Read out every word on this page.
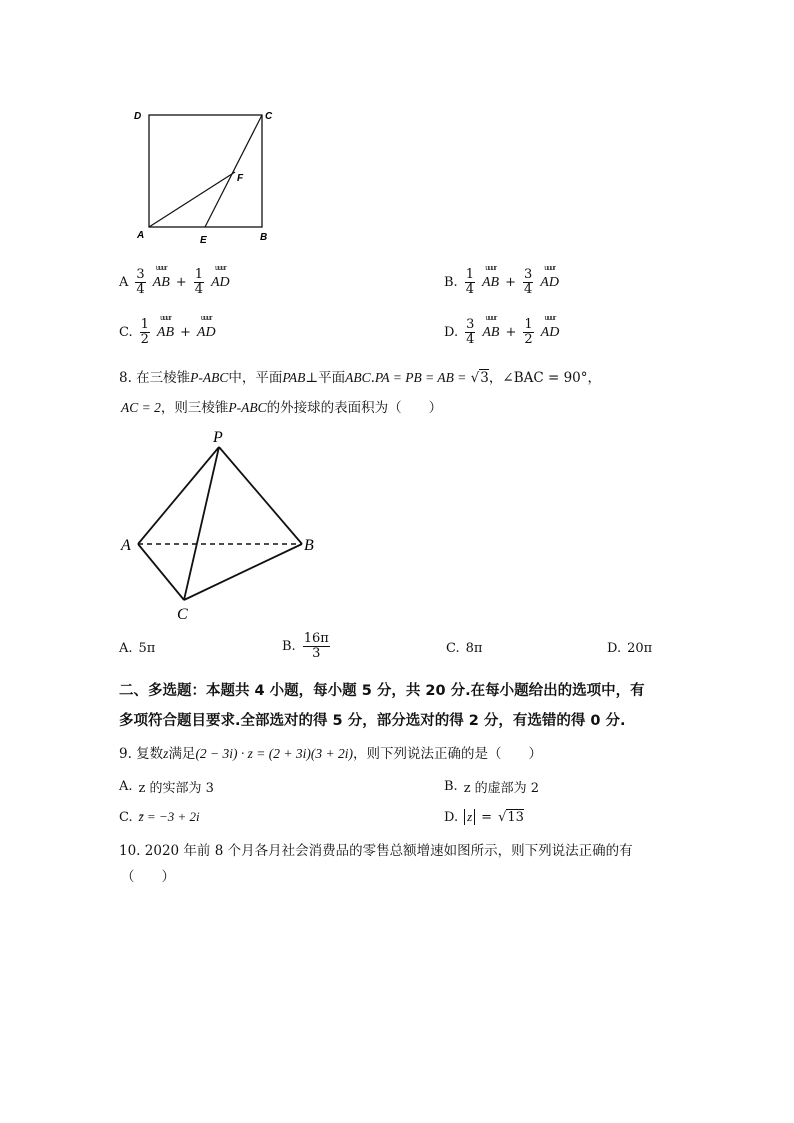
D	C
F
A	E	B
A $\frac{3}{4}$
uuur
AB + $\frac{1}{4}$
uuur
AD	B. $\frac{1}{4}$
uuur
AB + $\frac{3}{4}$
uuur
AD
C. $\frac{1}{2}$
uuur
AB +
uuur
AD	D. $\frac{3}{4}$
uuur
AB + $\frac{1}{2}$
uuur
AD
8. 在三棱锥P-ABC中，平面PAB⊥平面ABC.PA = PB = AB = √3，∠BAC = 90°，
AC = 2，则三棱锥P-ABC的外接球的表面积为（　　）
P
A	B
C
A. 5π	B. $\frac{16\pi}{3}$	C. 8π	D. 20π
二、多选题：本题共 4 小题，每小题 5 分，共 20 分.在每小题给出的选项中，有
多项符合题目要求.全部选对的得 5 分，部分选对的得 2 分，有选错的得 0 分.
9. 复数z满足(2 − 3i) · z = (2 + 3i)(3 + 2i)，则下列说法正确的是（　　）
A. z 的实部为 3	B. z 的虚部为 2
C. z̄ = −3 + 2i	D. z = √13
10. 2020 年前 8 个月各月社会消费品的零售总额增速如图所示，则下列说法正确的有
（　　）
